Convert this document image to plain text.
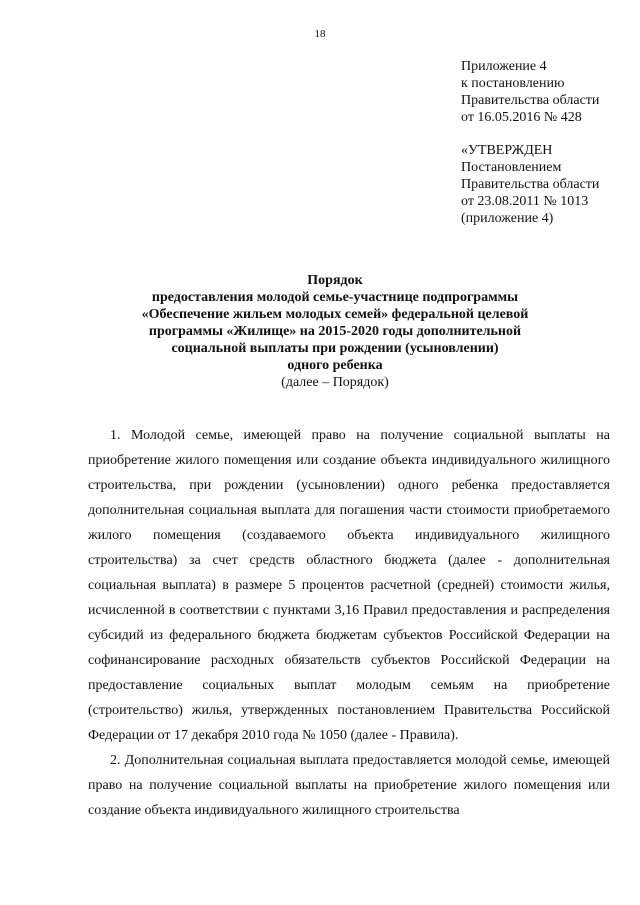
18
Приложение 4
к постановлению
Правительства области
от 16.05.2016 № 428
«УТВЕРЖДЕН
Постановлением
Правительства области
от 23.08.2011 № 1013
(приложение 4)
Порядок
предоставления молодой семье-участнице подпрограммы
«Обеспечение жильем молодых семей» федеральной целевой
программы «Жилище» на 2015-2020 годы дополнительной
социальной выплаты при рождении (усыновлении)
одного ребенка
(далее – Порядок)

1. Молодой семье, имеющей право на получение социальной выплаты на приобретение жилого помещения или создание объекта индивидуального жилищного строительства, при рождении (усыновлении) одного ребенка предоставляется дополнительная социальная выплата для погашения части стоимости приобретаемого жилого помещения (создаваемого объекта индивидуального жилищного строительства) за счет средств областного бюджета (далее - дополнительная социальная выплата) в размере 5 процентов расчетной (средней) стоимости жилья, исчисленной в соответствии с пунктами 3,16 Правил предоставления и распределения субсидий из федерального бюджета бюджетам субъектов Российской Федерации на софинансирование расходных обязательств субъектов Российской Федерации на предоставление социальных выплат молодым семьям на приобретение (строительство) жилья, утвержденных постановлением Правительства Российской Федерации от 17 декабря 2010 года № 1050 (далее - Правила).

2. Дополнительная социальная выплата предоставляется молодой семье, имеющей право на получение социальной выплаты на приобретение жилого помещения или создание объекта индивидуального жилищного строительства
